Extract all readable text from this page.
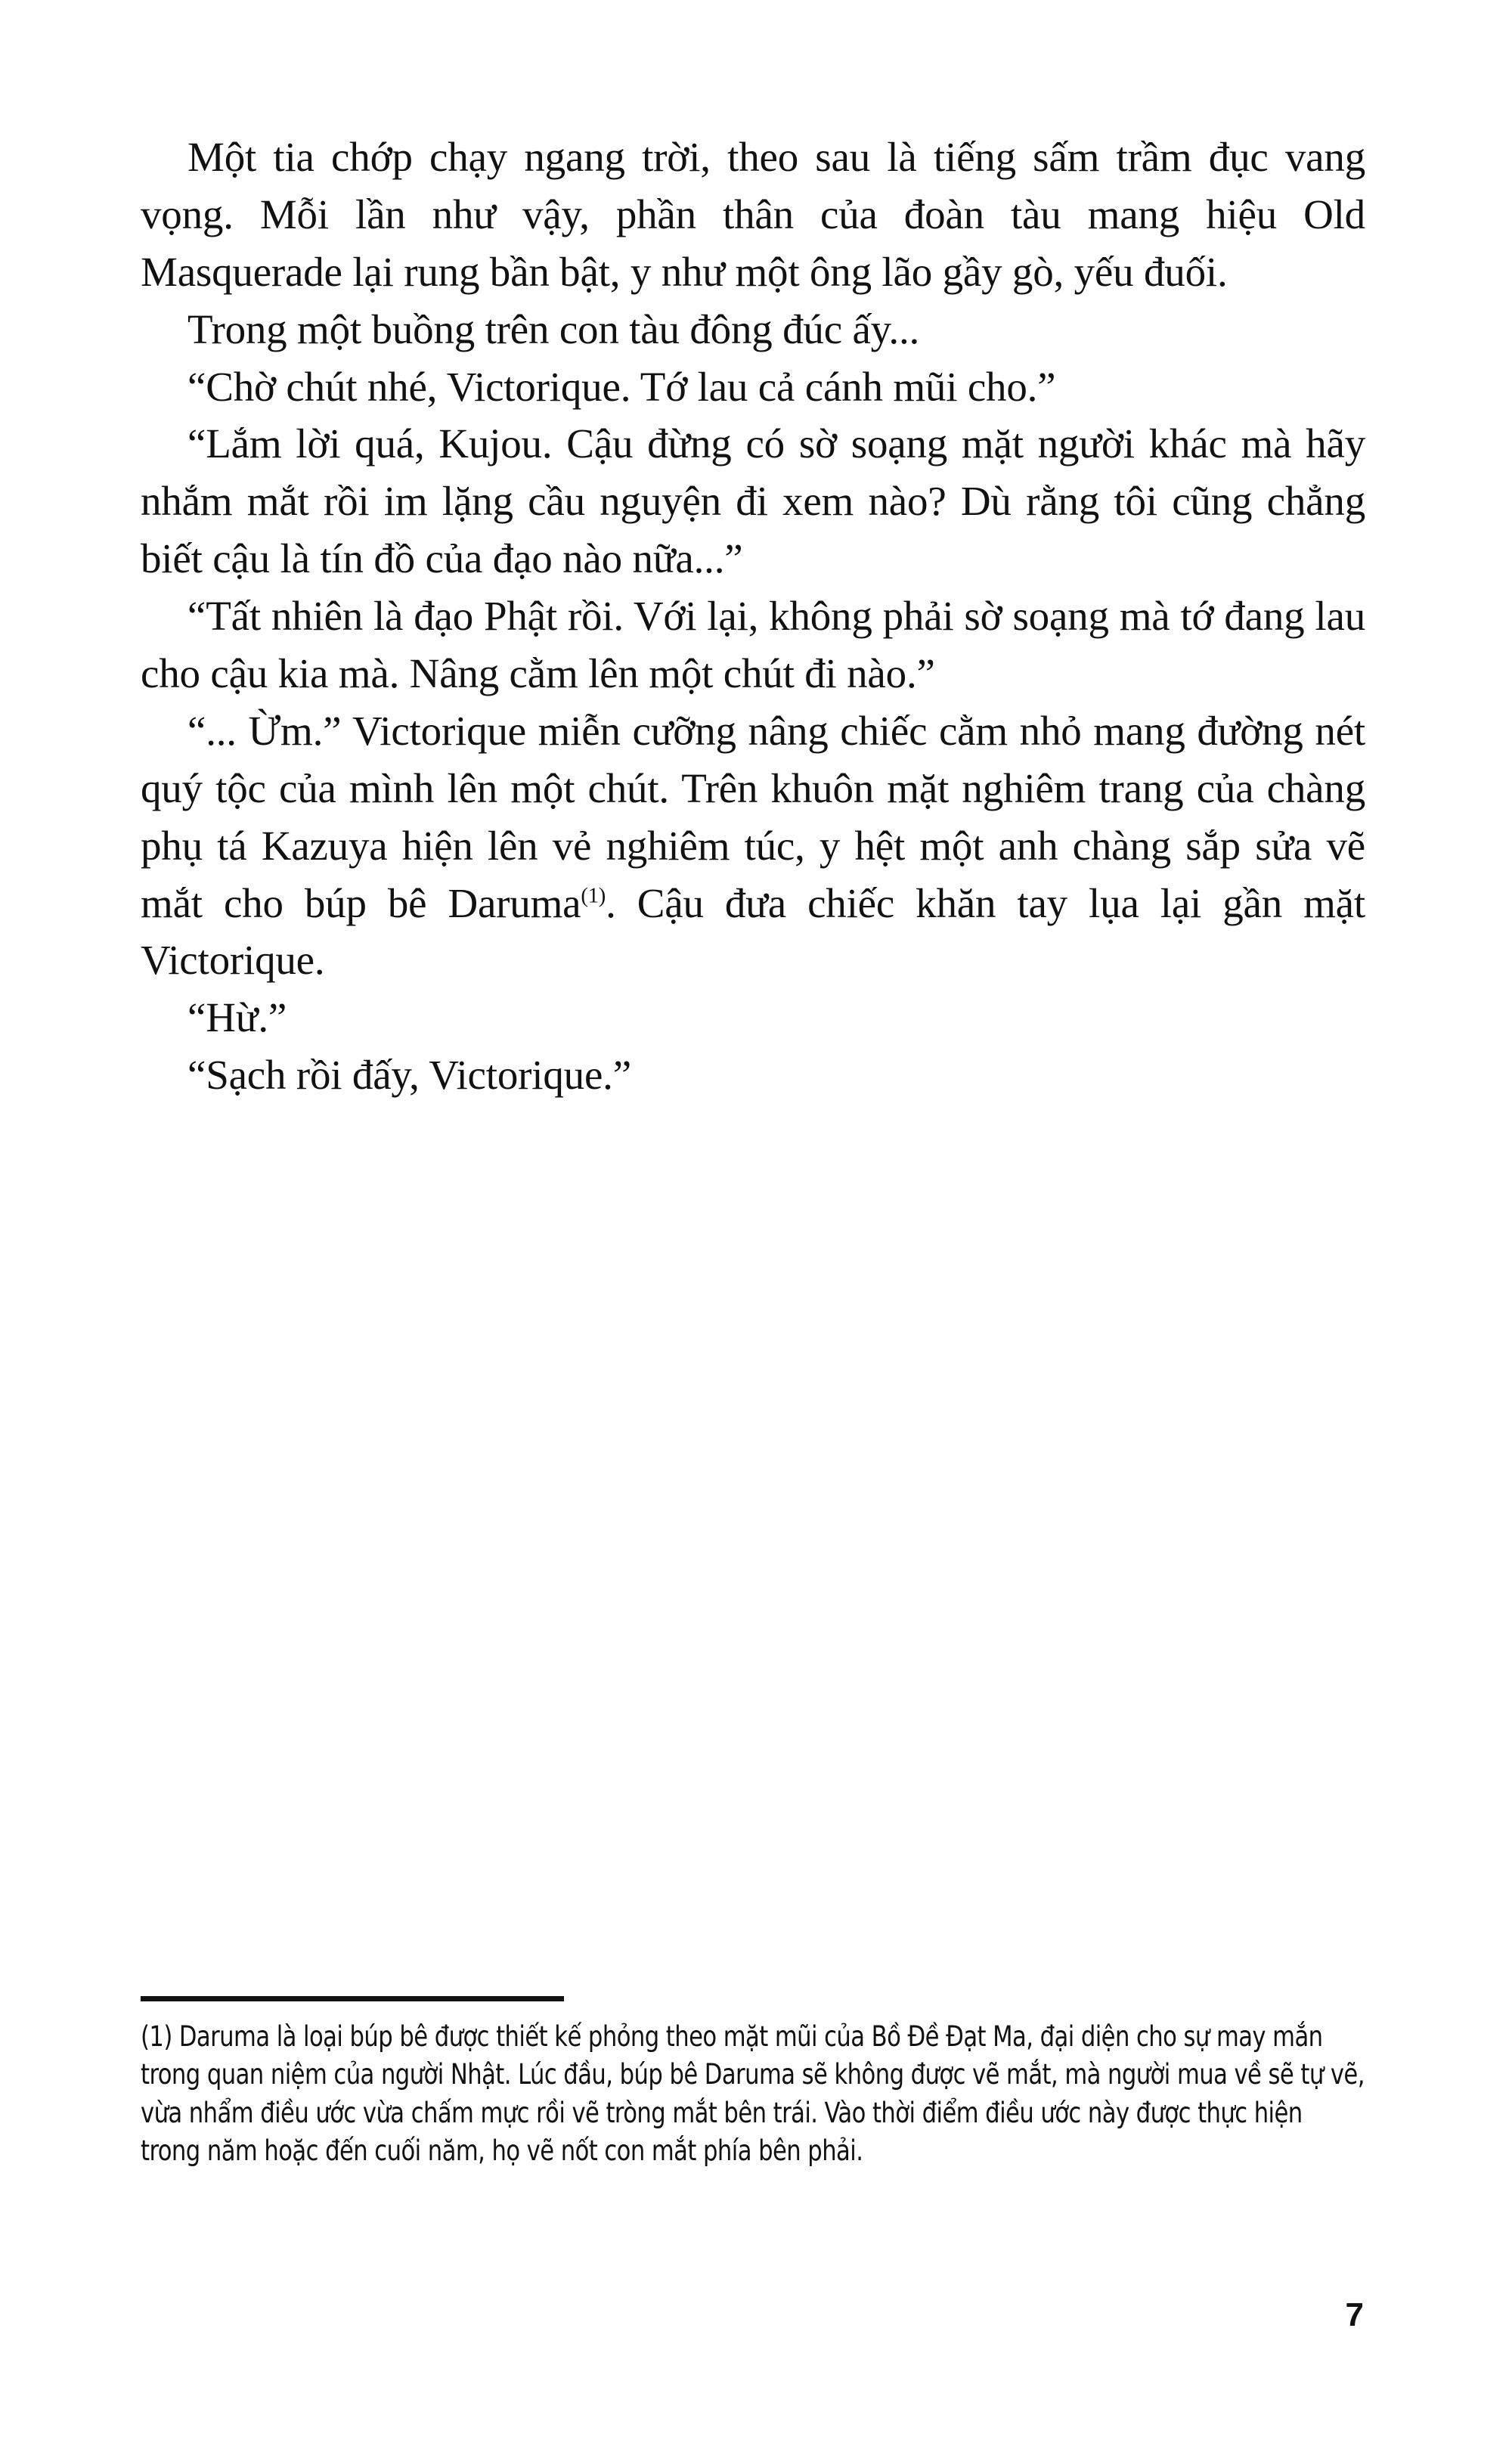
Một tia chớp chạy ngang trời, theo sau là tiếng sấm trầm đục vang vọng. Mỗi lần như vậy, phần thân của đoàn tàu mang hiệu Old Masquerade lại rung bần bật, y như một ông lão gầy gò, yếu đuối.

Trong một buồng trên con tàu đông đúc ấy...

“Chờ chút nhé, Victorique. Tớ lau cả cánh mũi cho.”

“Lắm lời quá, Kujou. Cậu đừng có sờ soạng mặt người khác mà hãy nhắm mắt rồi im lặng cầu nguyện đi xem nào? Dù rằng tôi cũng chẳng biết cậu là tín đồ của đạo nào nữa...”

“Tất nhiên là đạo Phật rồi. Với lại, không phải sờ soạng mà tớ đang lau cho cậu kia mà. Nâng cằm lên một chút đi nào.”

“... Ừm.” Victorique miễn cưỡng nâng chiếc cằm nhỏ mang đường nét quý tộc của mình lên một chút. Trên khuôn mặt nghiêm trang của chàng phụ tá Kazuya hiện lên vẻ nghiêm túc, y hệt một anh chàng sắp sửa vẽ mắt cho búp bê Daruma$^{(1)}$. Cậu đưa chiếc khăn tay lụa lại gần mặt Victorique.

“Hừ.”

“Sạch rồi đấy, Victorique.”

(1) Daruma là loại búp bê được thiết kế phỏng theo mặt mũi của Bồ Đề Đạt Ma, đại diện cho sự may mắn trong quan niệm của người Nhật. Lúc đầu, búp bê Daruma sẽ không được vẽ mắt, mà người mua về sẽ tự vẽ, vừa nhẩm điều ước vừa chấm mực rồi vẽ tròng mắt bên trái. Vào thời điểm điều ước này được thực hiện trong năm hoặc đến cuối năm, họ vẽ nốt con mắt phía bên phải.
7
